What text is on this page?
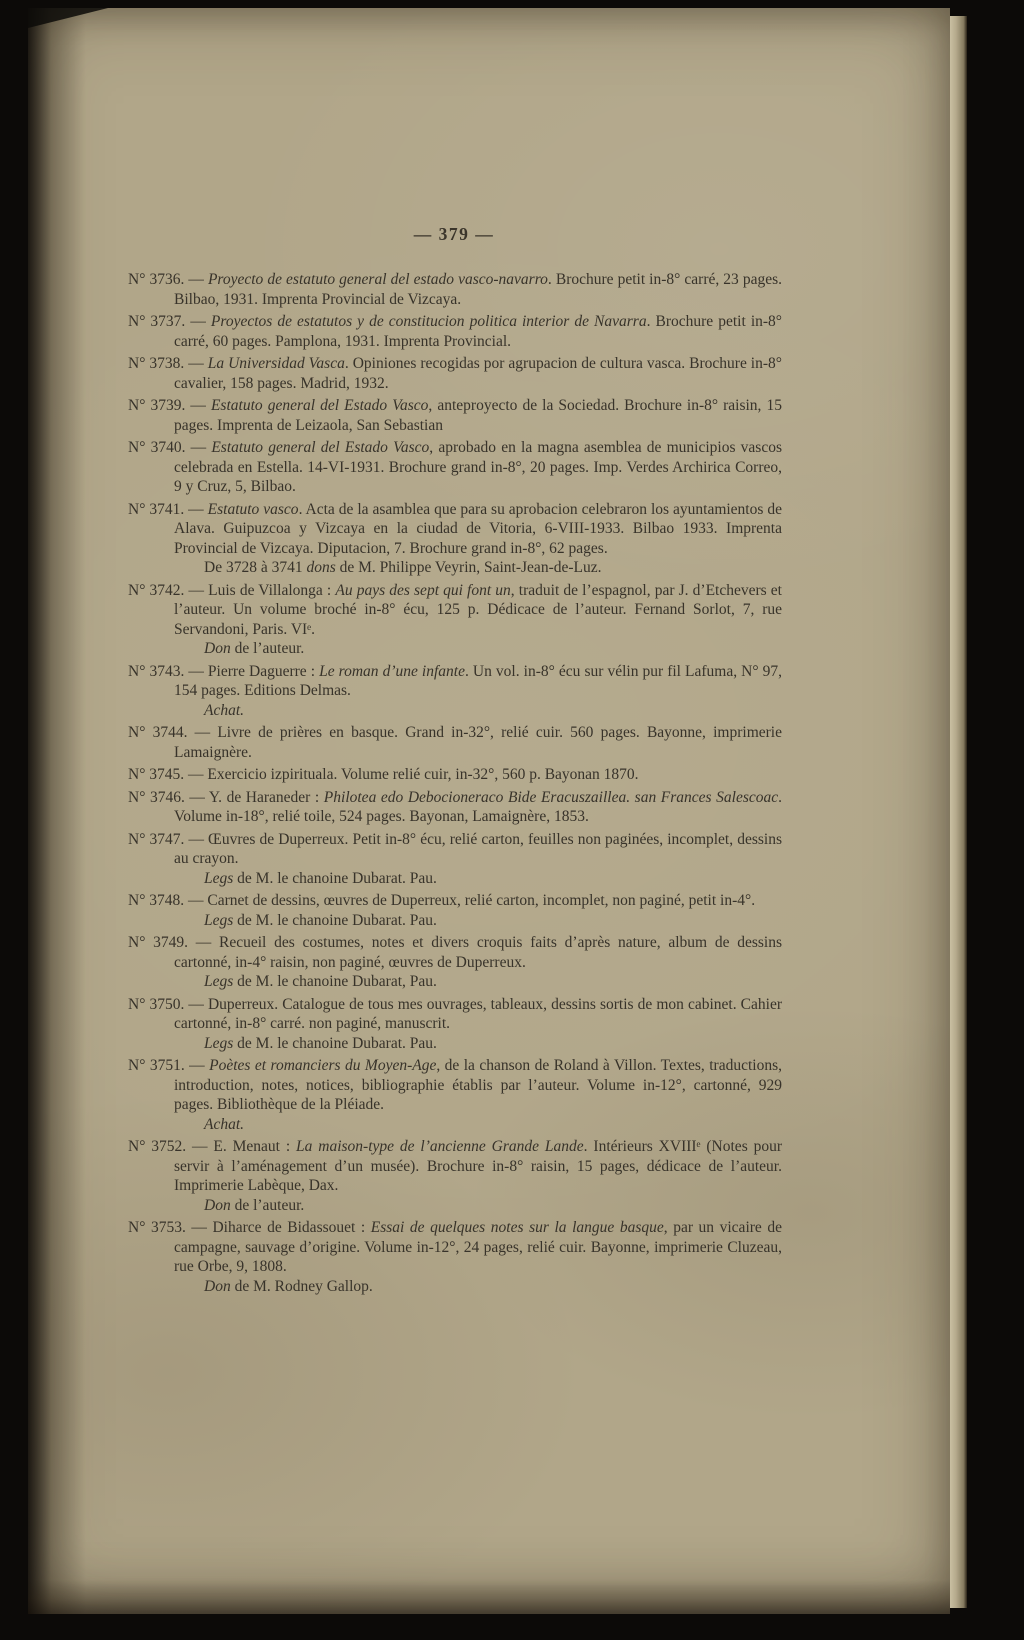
— 379 —

N° 3736. — Proyecto de estatuto general del estado vasco-navarro. Brochure petit in-8° carré, 23 pages. Bilbao, 1931. Imprenta Provincial de Vizcaya.

N° 3737. — Proyectos de estatutos y de constitucion politica interior de Navarra. Brochure petit in-8° carré, 60 pages. Pamplona, 1931. Imprenta Provincial.

N° 3738. — La Universidad Vasca. Opiniones recogidas por agrupacion de cultura vasca. Brochure in-8° cavalier, 158 pages. Madrid, 1932.

N° 3739. — Estatuto general del Estado Vasco, anteproyecto de la Sociedad. Brochure in-8° raisin, 15 pages. Imprenta de Leizaola, San Sebastian

N° 3740. — Estatuto general del Estado Vasco, aprobado en la magna asemblea de municipios vascos celebrada en Estella. 14-VI-1931. Brochure grand in-8°, 20 pages. Imp. Verdes Archirica Correo, 9 y Cruz, 5, Bilbao.

N° 3741. — Estatuto vasco. Acta de la asamblea que para su aprobacion celebraron los ayuntamientos de Alava. Guipuzcoa y Vizcaya en la ciudad de Vitoria, 6-VIII-1933. Bilbao 1933. Imprenta Provincial de Vizcaya. Diputacion, 7. Brochure grand in-8°, 62 pages.

De 3728 à 3741 dons de M. Philippe Veyrin, Saint-Jean-de-Luz.

N° 3742. — Luis de Villalonga : Au pays des sept qui font un, traduit de l’espagnol, par J. d’Etchevers et l’auteur. Un volume broché in-8° écu, 125 p. Dédicace de l’auteur. Fernand Sorlot, 7, rue Servandoni, Paris. VIᵉ.

Don de l’auteur.

N° 3743. — Pierre Daguerre : Le roman d’une infante. Un vol. in-8° écu sur vélin pur fil Lafuma, N° 97, 154 pages. Editions Delmas.

Achat.

N° 3744. — Livre de prières en basque. Grand in-32°, relié cuir. 560 pages. Bayonne, imprimerie Lamaignère.

N° 3745. — Exercicio izpirituala. Volume relié cuir, in-32°, 560 p. Bayonan 1870.

N° 3746. — Y. de Haraneder : Philotea edo Debocioneraco Bide Eracuszaillea. san Frances Salescoac. Volume in-18°, relié toile, 524 pages. Bayonan, Lamaignère, 1853.

N° 3747. — Œuvres de Duperreux. Petit in-8° écu, relié carton, feuilles non paginées, incomplet, dessins au crayon.

Legs de M. le chanoine Dubarat. Pau.

N° 3748. — Carnet de dessins, œuvres de Duperreux, relié carton, incomplet, non paginé, petit in-4°.

Legs de M. le chanoine Dubarat. Pau.

N° 3749. — Recueil des costumes, notes et divers croquis faits d’après nature, album de dessins cartonné, in-4° raisin, non paginé, œuvres de Duperreux.

Legs de M. le chanoine Dubarat, Pau.

N° 3750. — Duperreux. Catalogue de tous mes ouvrages, tableaux, dessins sortis de mon cabinet. Cahier cartonné, in-8° carré. non paginé, manuscrit.

Legs de M. le chanoine Dubarat. Pau.

N° 3751. — Poètes et romanciers du Moyen-Age, de la chanson de Roland à Villon. Textes, traductions, introduction, notes, notices, bibliographie établis par l’auteur. Volume in-12°, cartonné, 929 pages. Bibliothèque de la Pléiade.

Achat.

N° 3752. — E. Menaut : La maison-type de l’ancienne Grande Lande. Intérieurs XVIIIᵉ (Notes pour servir à l’aménagement d’un musée). Brochure in-8° raisin, 15 pages, dédicace de l’auteur. Imprimerie Labèque, Dax.

Don de l’auteur.

N° 3753. — Diharce de Bidassouet : Essai de quelques notes sur la langue basque, par un vicaire de campagne, sauvage d’origine. Volume in-12°, 24 pages, relié cuir. Bayonne, imprimerie Cluzeau, rue Orbe, 9, 1808.

Don de M. Rodney Gallop.
